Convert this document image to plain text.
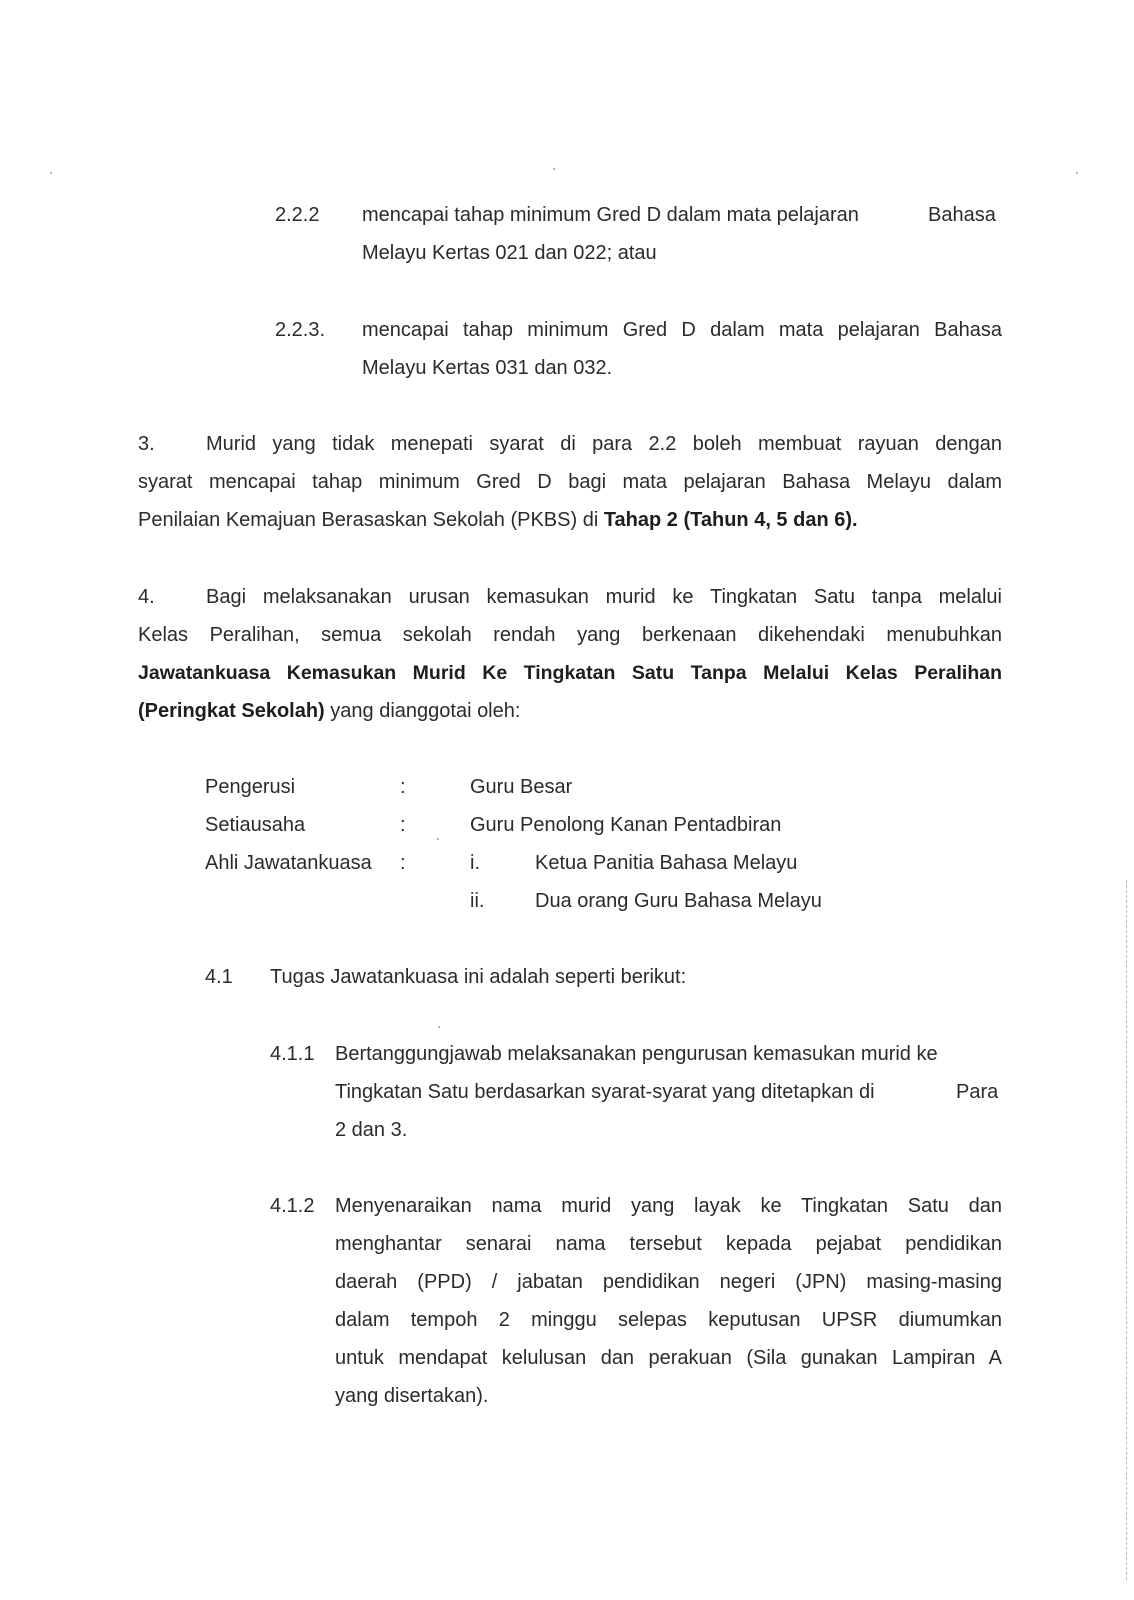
2.2.2 mencapai tahap minimum Gred D dalam mata pelajaran	Bahasa
Melayu Kertas 021 dan 022; atau
2.2.3. mencapai tahap minimum Gred D dalam mata pelajaran Bahasa
Melayu Kertas 031 dan 032.
3.	Murid yang tidak menepati syarat di para 2.2 boleh membuat rayuan dengan
syarat mencapai tahap minimum Gred D bagi mata pelajaran Bahasa Melayu dalam
Penilaian Kemajuan Berasaskan Sekolah (PKBS) di Tahap 2 (Tahun 4, 5 dan 6).
4.	Bagi melaksanakan urusan kemasukan murid ke Tingkatan Satu tanpa melalui
Kelas Peralihan, semua sekolah rendah yang berkenaan dikehendaki menubuhkan
Jawatankuasa Kemasukan Murid Ke Tingkatan Satu Tanpa Melalui Kelas Peralihan
(Peringkat Sekolah) yang dianggotai oleh:
Pengerusi	:	Guru Besar
Setiausaha	:	Guru Penolong Kanan Pentadbiran
Ahli Jawatankuasa :	i.	Ketua Panitia Bahasa Melayu
ii.	Dua orang Guru Bahasa Melayu
4.1 Tugas Jawatankuasa ini adalah seperti berikut:
4.1.1 Bertanggungjawab melaksanakan pengurusan kemasukan murid ke
Tingkatan Satu berdasarkan syarat-syarat yang ditetapkan di	Para
2 dan 3.
4.1.2 Menyenaraikan nama murid yang layak ke Tingkatan Satu dan
menghantar senarai nama tersebut kepada pejabat pendidikan
daerah (PPD) / jabatan pendidikan negeri (JPN) masing-masing
dalam tempoh 2 minggu selepas keputusan UPSR diumumkan
untuk mendapat kelulusan dan perakuan (Sila gunakan Lampiran A
yang disertakan).
